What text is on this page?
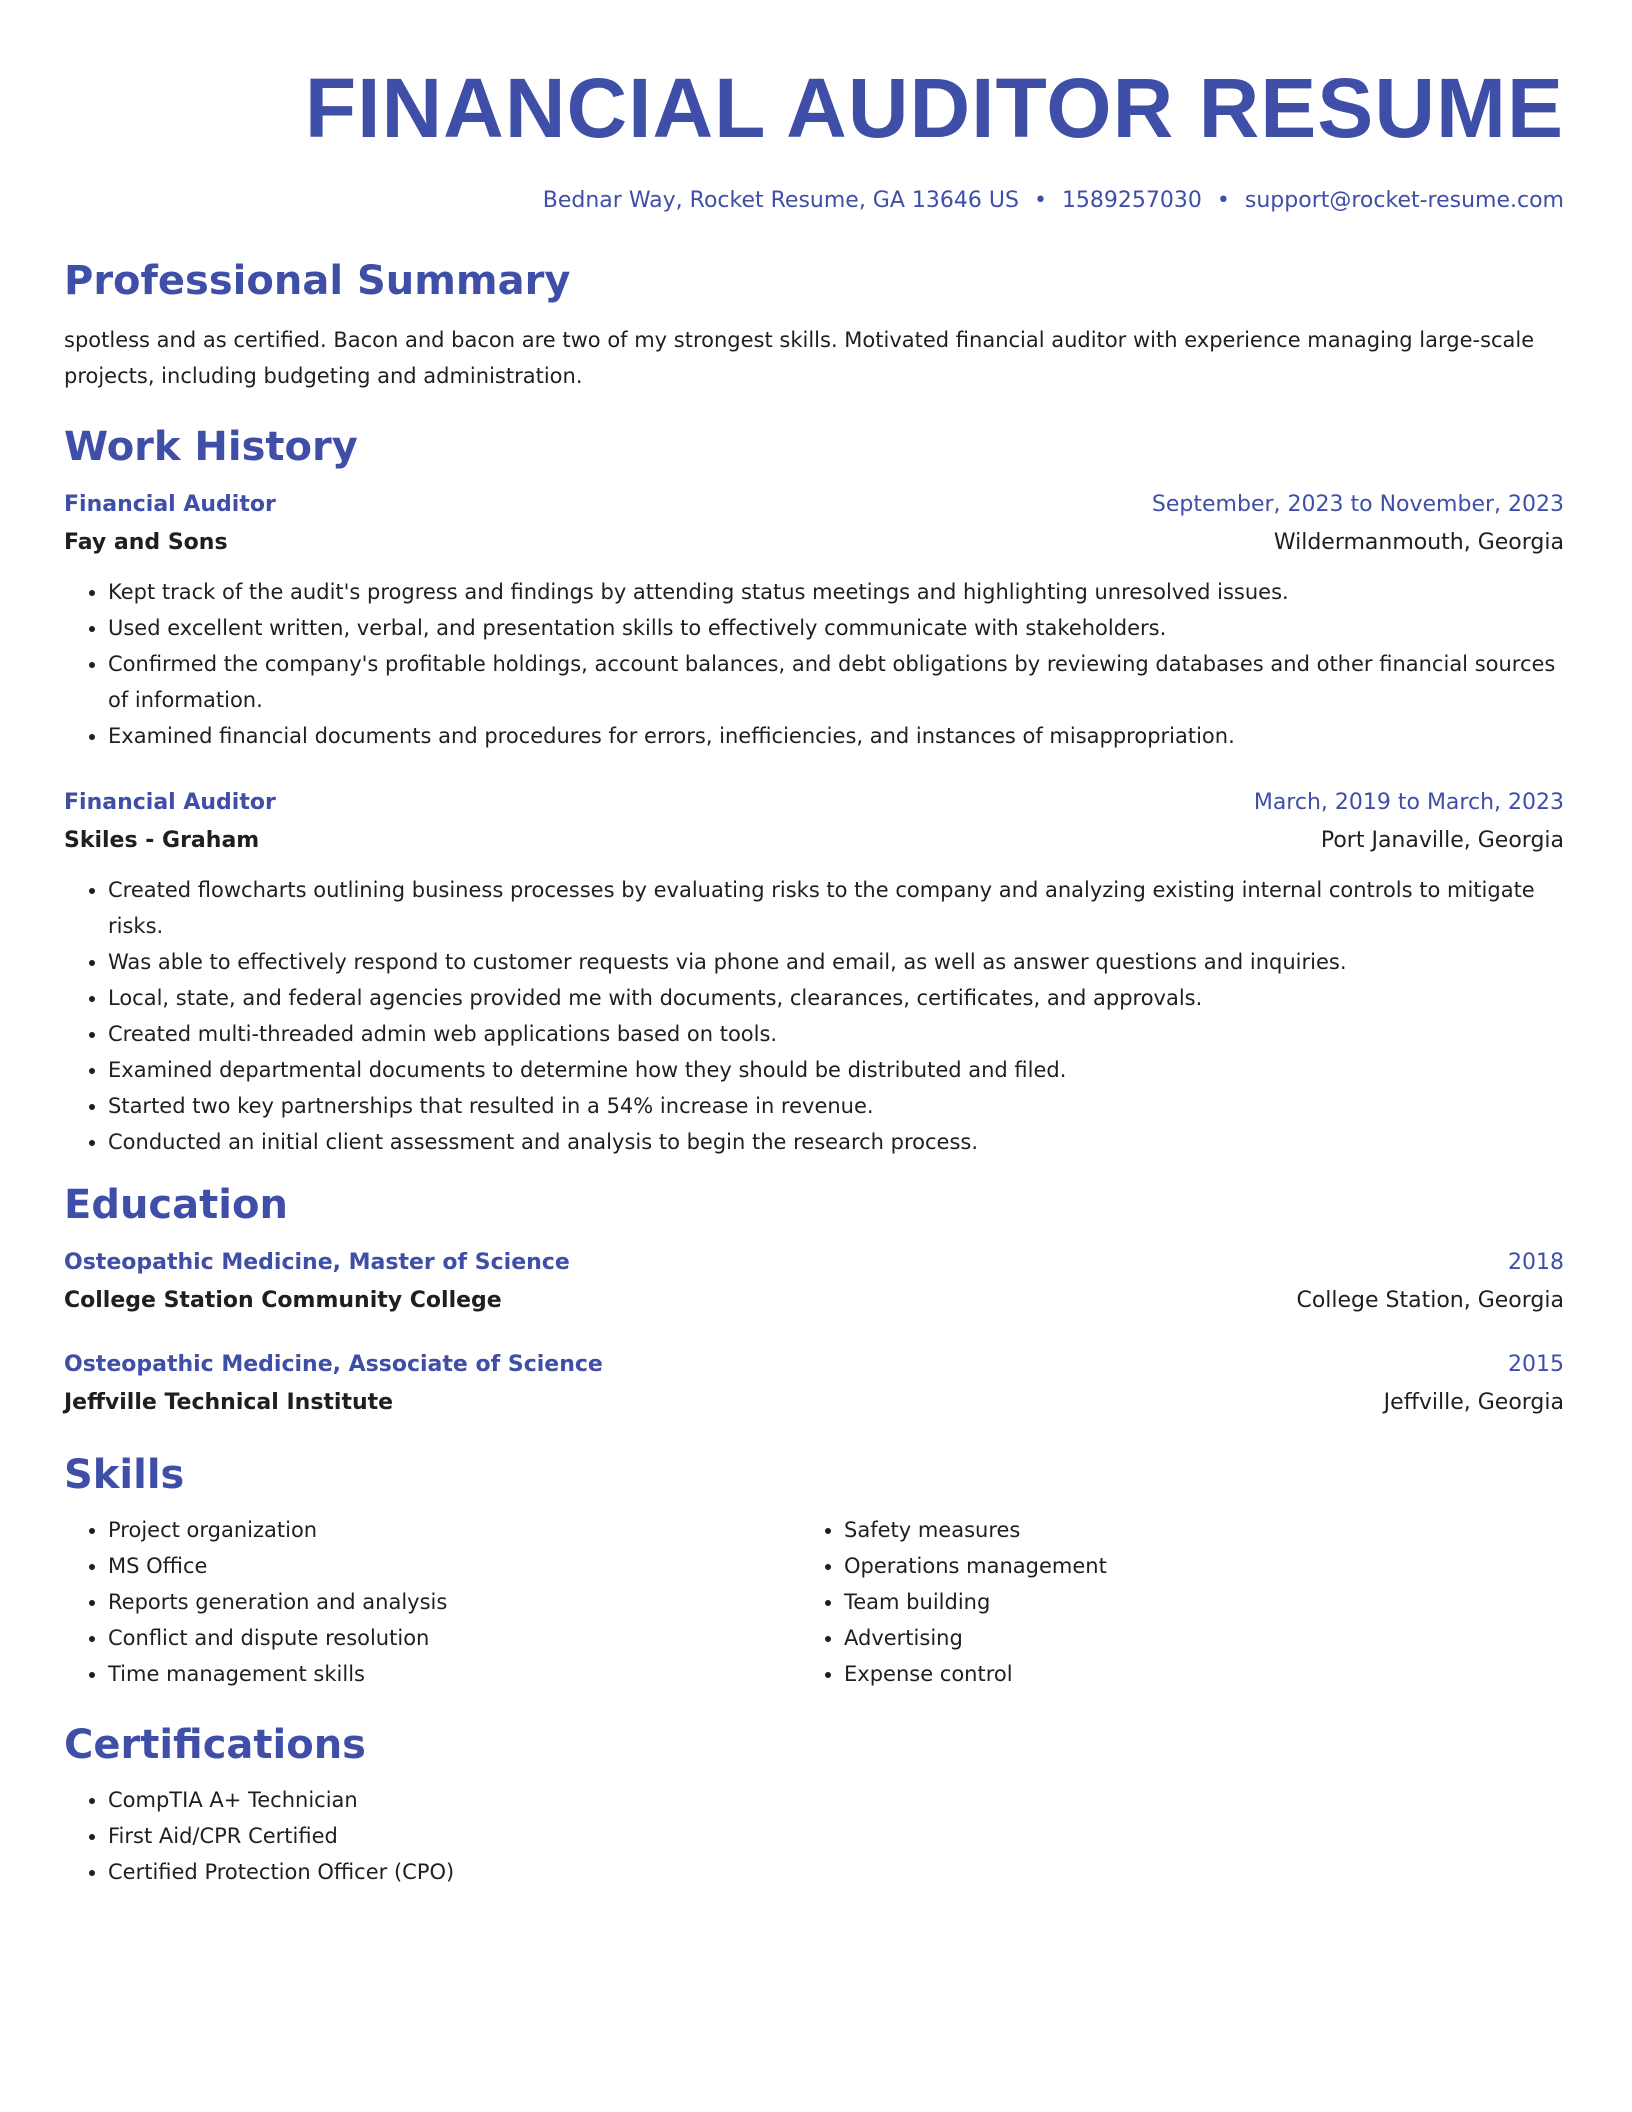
FINANCIAL AUDITOR RESUME
Bednar Way, Rocket Resume, GA 13646 US • 1589257030 • support@rocket-resume.com
Professional Summary
spotless and as certified. Bacon and bacon are two of my strongest skills. Motivated financial auditor with experience managing large-scale projects, including budgeting and administration.
Work History
Financial Auditor	September, 2023 to November, 2023
Fay and Sons	Wildermanmouth, Georgia
• Kept track of the audit's progress and findings by attending status meetings and highlighting unresolved issues.
• Used excellent written, verbal, and presentation skills to effectively communicate with stakeholders.
• Confirmed the company's profitable holdings, account balances, and debt obligations by reviewing databases and other financial sources of information.
• Examined financial documents and procedures for errors, inefficiencies, and instances of misappropriation.
Financial Auditor	March, 2019 to March, 2023
Skiles - Graham	Port Janaville, Georgia
• Created flowcharts outlining business processes by evaluating risks to the company and analyzing existing internal controls to mitigate risks.
• Was able to effectively respond to customer requests via phone and email, as well as answer questions and inquiries.
• Local, state, and federal agencies provided me with documents, clearances, certificates, and approvals.
• Created multi-threaded admin web applications based on tools.
• Examined departmental documents to determine how they should be distributed and filed.
• Started two key partnerships that resulted in a 54% increase in revenue.
• Conducted an initial client assessment and analysis to begin the research process.
Education
Osteopathic Medicine, Master of Science	2018
College Station Community College	College Station, Georgia
Osteopathic Medicine, Associate of Science	2015
Jeffville Technical Institute	Jeffville, Georgia
Skills
• Project organization
• MS Office
• Reports generation and analysis
• Conflict and dispute resolution
• Time management skills
• Safety measures
• Operations management
• Team building
• Advertising
• Expense control
Certifications
• CompTIA A+ Technician
• First Aid/CPR Certified
• Certified Protection Officer (CPO)
